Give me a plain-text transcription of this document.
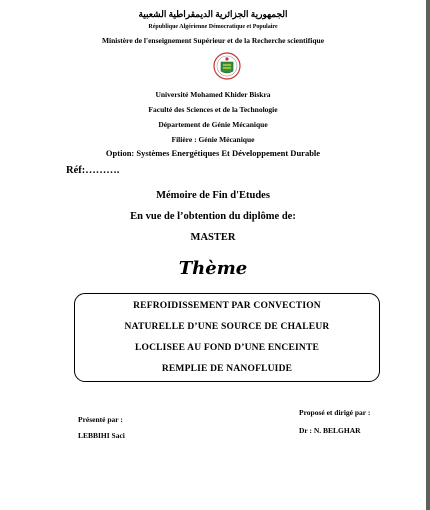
الجمهورية الجزائرية الديمقراطية الشعبية
République Algérienne Démocratique et Populaire
Ministère de l'enseignement Supérieur et de la Recherche scientifique
Université Mohamed Khider Biskra
Faculté des Sciences et de la Technologie
Département de Génie Mécanique
Filière : Génie Mécanique
Option: Systèmes Energétiques Et Développement Durable
Réf:……….
Mémoire de Fin d'Etudes
En vue de l’obtention du diplôme de:
MASTER
Thème
REFROIDISSEMENT PAR CONVECTION
NATURELLE D’UNE SOURCE DE CHALEUR
LOCLISEE AU FOND D’UNE ENCEINTE
REMPLIE DE NANOFLUIDE
Présenté par :
LEBBIHI Saci
Proposé et dirigé par :
Dr : N. BELGHAR
